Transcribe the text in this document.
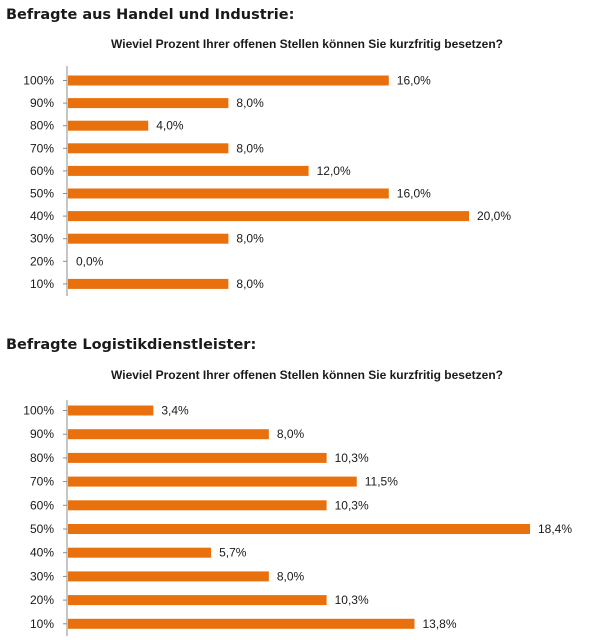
Befragte aus Handel und Industrie:
Wieviel Prozent Ihrer offenen Stellen können Sie kurzfritig besetzen?
100%	16,0%
90%	8,0%
80%	4,0%
70%	8,0%
60%	12,0%
50%	16,0%
40%	20,0%
30%	8,0%
20% 0,0%
10%	8,0%
Befragte Logistikdienstleister:
Wieviel Prozent Ihrer offenen Stellen können Sie kurzfritig besetzen?
100%	3,4%
90%	8,0%
80%	10,3%
70%	11,5%
60%	10,3%
50%	18,4%
40%	5,7%
30%	8,0%
20%	10,3%
10%	13,8%
